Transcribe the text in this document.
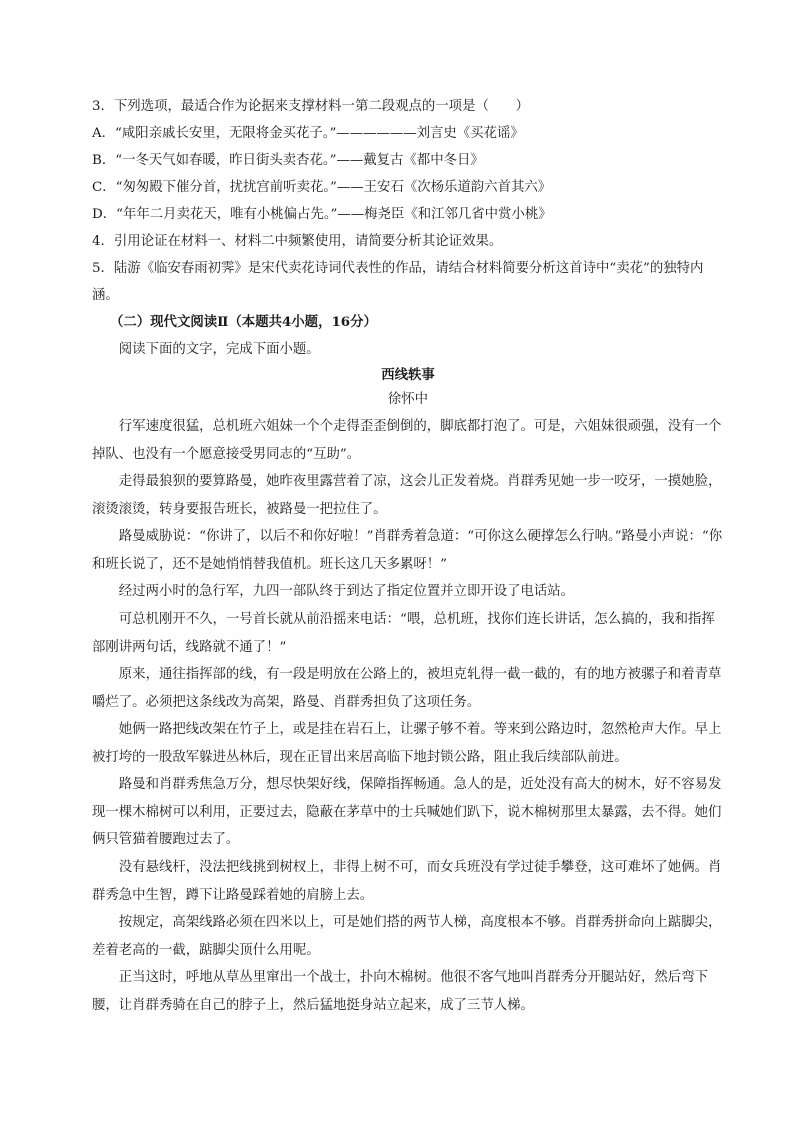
3．下列选项，最适合作为论据来支撑材料一第二段观点的一项是（　　）
A．“咸阳亲戚长安里，无限将金买花子。”——————刘言史《买花谣》
B．“一冬天气如春暖，昨日街头卖杏花。”——戴复古《都中冬日》
C．“匆匆殿下催分首，扰扰宫前听卖花。”——王安石《次杨乐道韵六首其六》
D．“年年二月卖花天，唯有小桃偏占先。”——梅尧臣《和江邻几省中赏小桃》
4．引用论证在材料一、材料二中频繁使用，请简要分析其论证效果。
5．陆游《临安春雨初霁》是宋代卖花诗词代表性的作品，请结合材料简要分析这首诗中“卖花”的独特内涵。
（二）现代文阅读Ⅱ（本题共4小题，16分）
阅读下面的文字，完成下面小题。
西线轶事
徐怀中
行军速度很猛，总机班六姐妹一个个走得歪歪倒倒的，脚底都打泡了。可是，六姐妹很顽强，没有一个掉队、也没有一个愿意接受男同志的“互助”。
走得最狼狈的要算路曼，她昨夜里露营着了凉，这会儿正发着烧。肖群秀见她一步一咬牙，一摸她脸，滚烫滚烫，转身要报告班长，被路曼一把拉住了。
路曼威胁说：“你讲了，以后不和你好啦！”肖群秀着急道：“可你这么硬撑怎么行呐。”路曼小声说：“你和班长说了，还不是她悄悄替我值机。班长这几天多累呀！”
经过两小时的急行军，九四一部队终于到达了指定位置并立即开设了电话站。
可总机刚开不久，一号首长就从前沿摇来电话：“喂，总机班，找你们连长讲话，怎么搞的，我和指挥部刚讲两句话，线路就不通了！”
原来，通往指挥部的线，有一段是明放在公路上的，被坦克轧得一截一截的，有的地方被骡子和着青草嚼烂了。必须把这条线改为高架，路曼、肖群秀担负了这项任务。
她俩一路把线改架在竹子上，或是挂在岩石上，让骡子够不着。等来到公路边时，忽然枪声大作。早上被打垮的一股敌军躲进丛林后，现在正冒出来居高临下地封锁公路，阻止我后续部队前进。
路曼和肖群秀焦急万分，想尽快架好线，保障指挥畅通。急人的是，近处没有高大的树木，好不容易发现一棵木棉树可以利用，正要过去，隐蔽在茅草中的士兵喊她们趴下，说木棉树那里太暴露，去不得。她们俩只管猫着腰跑过去了。
没有悬线杆，没法把线挑到树杈上，非得上树不可，而女兵班没有学过徒手攀登，这可难坏了她俩。肖群秀急中生智，蹲下让路曼踩着她的肩膀上去。
按规定，高架线路必须在四米以上，可是她们搭的两节人梯，高度根本不够。肖群秀拼命向上踮脚尖，差着老高的一截，踮脚尖顶什么用呢。
正当这时，呼地从草丛里窜出一个战士，扑向木棉树。他很不客气地叫肖群秀分开腿站好，然后弯下腰，让肖群秀骑在自己的脖子上，然后猛地挺身站立起来，成了三节人梯。
